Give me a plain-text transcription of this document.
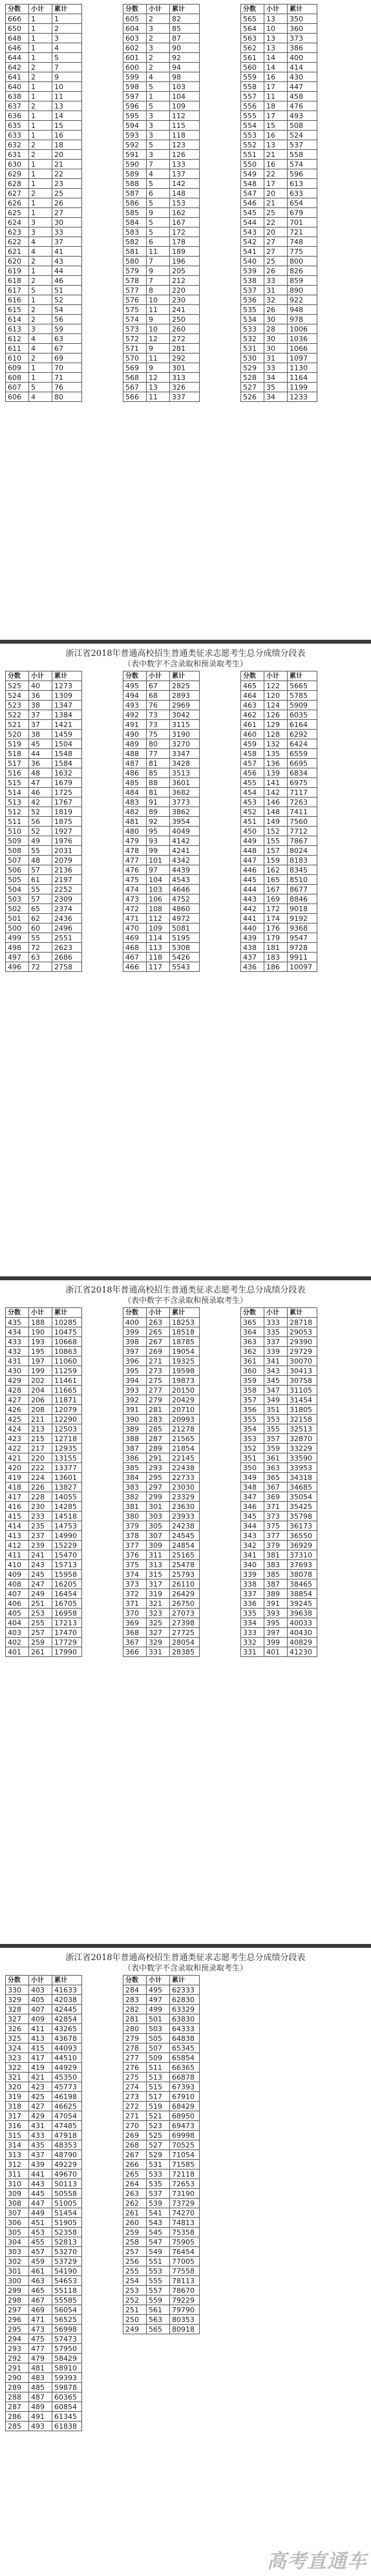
分数	小计	累计
666	1	1
650	1	2
648	1	3
646	1	4
644	1	5
642	2	7
641	2	9
640	1	10
638	1	11
637	2	13
636	1	14
635	1	15
633	1	16
632	2	18
631	2	20
630	1	21
629	1	22
628	1	23
627	2	25
626	1	26
625	1	27
624	3	30
623	3	33
622	4	37
621	4	41
620	2	43
619	1	44
618	2	46
617	5	51
616	1	52
615	2	54
614	2	56
613	3	59
612	4	63
611	4	67
610	2	69
609	1	70
608	1	71
607	5	76
606	4	80
分数	小计	累计
605	2	82
604	3	85
603	2	87
602	3	90
601	2	92
600	2	94
599	4	98
598	5	103
597	1	104
596	5	109
595	3	112
594	3	115
593	3	118
592	5	123
591	3	126
590	7	133
589	4	137
588	5	142
587	6	148
586	5	153
585	9	162
584	5	167
583	5	172
582	6	178
581	11	189
580	7	196
579	9	205
578	7	212
577	8	220
576	10	230
575	11	241
574	9	250
573	10	260
572	12	272
571	9	281
570	11	292
569	9	301
568	12	313
567	13	326
566	11	337
分数	小计	累计
565	13	350
564	10	360
563	13	373
562	13	386
561	14	400
560	14	414
559	16	430
558	17	447
557	11	458
556	18	476
555	17	493
554	15	508
553	16	524
552	13	537
551	21	558
550	16	574
549	22	596
548	17	613
547	20	633
546	21	654
545	25	679
544	22	701
543	20	721
542	27	748
541	27	775
540	25	800
539	26	826
538	33	859
537	31	890
536	32	922
535	26	948
534	30	978
533	28	1006
532	30	1036
531	30	1066
530	31	1097
529	33	1130
528	34	1164
527	35	1199
526	34	1233
浙江省2018年普通高校招生普通类征求志愿考生总分成绩分段表
（表中数字不含录取和预录取考生）
分数	小计	累计
525	40	1273
524	36	1309
523	38	1347
522	37	1384
521	37	1421
520	38	1459
519	45	1504
518	44	1548
517	36	1584
516	48	1632
515	47	1679
514	46	1725
513	42	1767
512	52	1819
511	56	1875
510	52	1927
509	49	1976
508	55	2031
507	48	2079
506	57	2136
505	61	2197
504	55	2252
503	57	2309
502	65	2374
501	62	2436
500	60	2496
499	55	2551
498	72	2623
497	63	2686
496	72	2758
分数	小计	累计
495	67	2825
494	68	2893
493	76	2969
492	73	3042
491	73	3115
490	75	3190
489	80	3270
488	77	3347
487	81	3428
486	85	3513
485	88	3601
484	81	3682
483	91	3773
482	89	3862
481	92	3954
480	95	4049
479	93	4142
478	99	4241
477	101	4342
476	97	4439
475	104	4543
474	103	4646
473	106	4752
472	108	4860
471	112	4972
470	109	5081
469	114	5195
468	113	5308
467	118	5426
466	117	5543
分数	小计	累计
465	122	5665
464	120	5785
463	124	5909
462	126	6035
461	129	6164
460	128	6292
459	132	6424
458	135	6559
457	136	6695
456	139	6834
455	141	6975
454	142	7117
453	146	7263
452	148	7411
451	149	7560
450	152	7712
449	155	7867
448	157	8024
447	159	8183
446	162	8345
445	165	8510
444	167	8677
443	169	8846
442	172	9018
441	174	9192
440	176	9368
439	179	9547
438	181	9728
437	183	9911
436	186	10097
浙江省2018年普通高校招生普通类征求志愿考生总分成绩分段表
（表中数字不含录取和预录取考生）
分数	小计	累计
435	188	10285
434	190	10475
433	193	10668
432	195	10863
431	197	11060
430	199	11259
429	202	11461
428	204	11665
427	206	11871
426	208	12079
425	211	12290
424	213	12503
423	215	12718
422	217	12935
421	220	13155
420	222	13377
419	224	13601
418	226	13827
417	228	14055
416	230	14285
415	233	14518
414	235	14753
413	237	14990
412	239	15229
411	241	15470
410	243	15713
409	245	15958
408	247	16205
407	249	16454
406	251	16705
405	253	16958
404	255	17213
403	257	17470
402	259	17729
401	261	17990
分数	小计	累计
400	263	18253
399	265	18518
398	267	18785
397	269	19054
396	271	19325
395	273	19598
394	275	19873
393	277	20150
392	279	20429
391	281	20710
390	283	20993
389	285	21278
388	287	21565
387	289	21854
386	291	22145
385	293	22438
384	295	22733
383	297	23030
382	299	23329
381	301	23630
380	303	23933
379	305	24238
378	307	24545
377	309	24854
376	311	25165
375	313	25478
374	315	25793
373	317	26110
372	319	26429
371	321	26750
370	323	27073
369	325	27398
368	327	27725
367	329	28054
366	331	28385
分数	小计	累计
365	333	28718
364	335	29053
363	337	29390
362	339	29729
361	341	30070
360	343	30413
359	345	30758
358	347	31105
357	349	31454
356	351	31805
355	353	32158
354	355	32513
353	357	32870
352	359	33229
351	361	33590
350	363	33953
349	365	34318
348	367	34685
347	369	35054
346	371	35425
345	373	35798
344	375	36173
343	377	36550
342	379	36929
341	381	37310
340	383	37693
339	385	38078
338	387	38465
337	389	38854
336	391	39245
335	393	39638
334	395	40033
333	397	40430
332	399	40829
331	401	41230
浙江省2018年普通高校招生普通类征求志愿考生总分成绩分段表
（表中数字不含录取和预录取考生）
分数	小计	累计
330	403	41633
329	405	42038
328	407	42445
327	409	42854
326	411	43265
325	413	43678
324	415	44093
323	417	44510
322	419	44929
321	421	45350
320	423	45773
319	425	46198
318	427	46625
317	429	47054
316	431	47485
315	433	47918
314	435	48353
313	437	48790
312	439	49229
311	441	49670
310	443	50113
309	445	50558
308	447	51005
307	449	51454
306	451	51905
305	453	52358
304	455	52813
303	457	53270
302	459	53729
301	461	54190
300	463	54653
299	465	55118
298	467	55585
297	469	56054
296	471	56525
295	473	56998
294	475	57473
293	477	57950
292	479	58429
291	481	58910
290	483	59393
289	485	59878
288	487	60365
287	489	60854
286	491	61345
285	493	61838
分数	小计	累计
284	495	62333
283	497	62830
282	499	63329
281	501	63830
280	503	64333
279	505	64838
278	507	65345
277	509	65854
276	511	66365
275	513	66878
274	515	67393
273	517	67910
272	519	68429
271	521	68950
270	523	69473
269	525	69998
268	527	70525
267	529	71054
266	531	71585
265	533	72118
264	535	72653
263	537	73190
262	539	73729
261	541	74270
260	543	74813
259	545	75358
258	547	75905
257	549	76454
256	551	77005
255	553	77558
254	555	78113
253	557	78670
252	559	79229
251	561	79790
250	563	80353
249	565	80918
高考直通车
